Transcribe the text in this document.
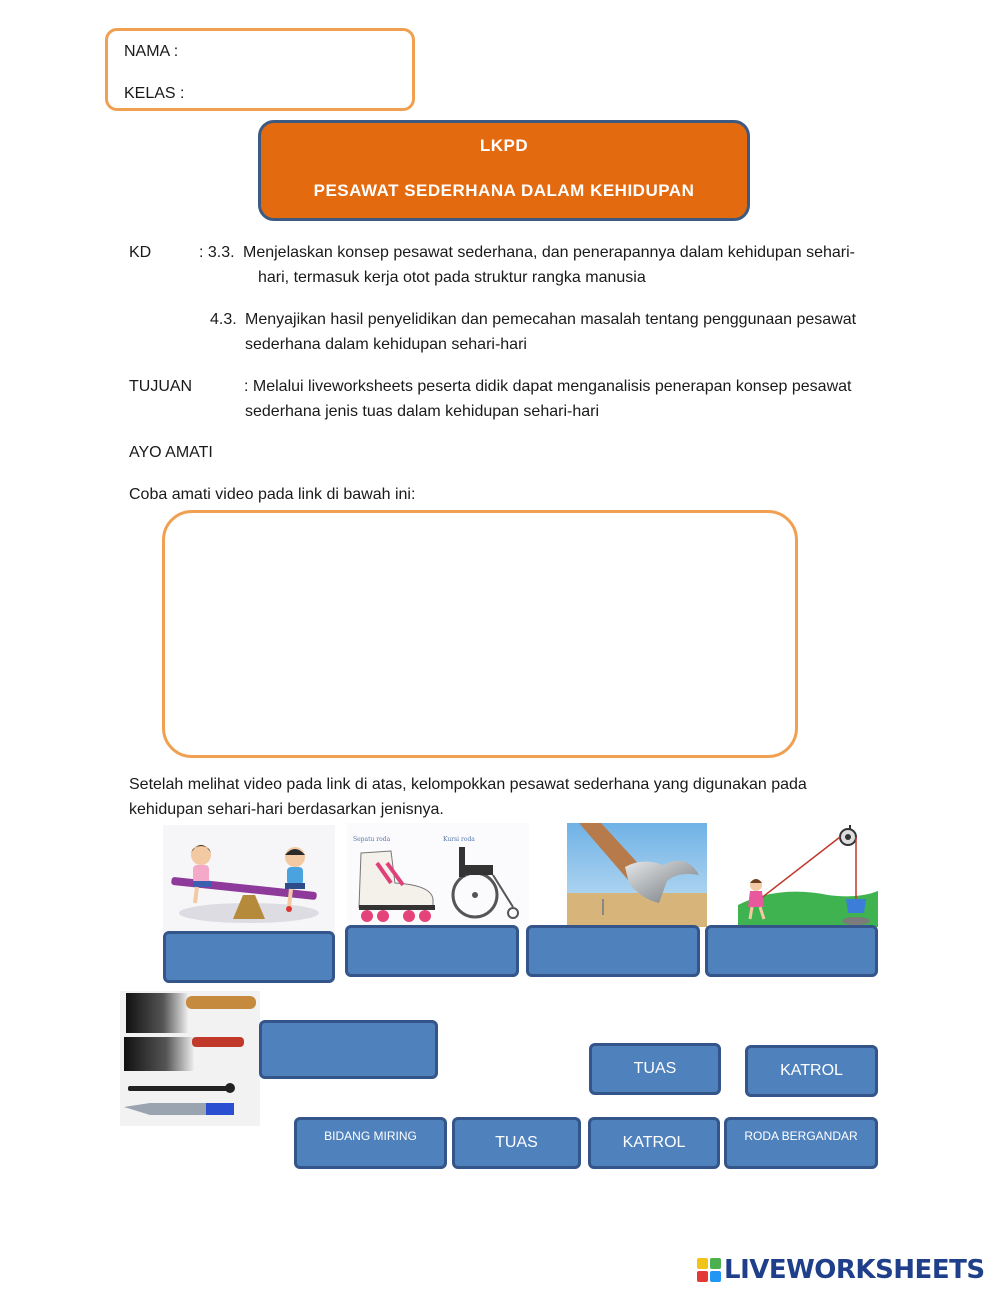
NAMA :
KELAS :
LKPD
PESAWAT SEDERHANA DALAM KEHIDUPAN
KD	: 3.3. Menjelaskan konsep pesawat sederhana, dan penerapannya dalam kehidupan sehari-
hari, termasuk kerja otot pada struktur rangka manusia
4.3. Menyajikan hasil penyelidikan dan pemecahan masalah tentang penggunaan pesawat
sederhana dalam kehidupan sehari-hari
TUJUAN	: Melalui liveworksheets peserta didik dapat menganalisis penerapan konsep pesawat
sederhana jenis tuas dalam kehidupan sehari-hari
AYO AMATI
Coba amati video pada link di bawah ini:
Setelah melihat video pada link di atas, kelompokkan pesawat sederhana yang digunakan pada
kehidupan sehari-hari berdasarkan jenisnya.
Sepatu roda	Kursi roda
TUAS	KATROL
BIDANG MIRING	TUAS	KATROL	RODA BERGANDAR
LIVEWORKSHEETS
